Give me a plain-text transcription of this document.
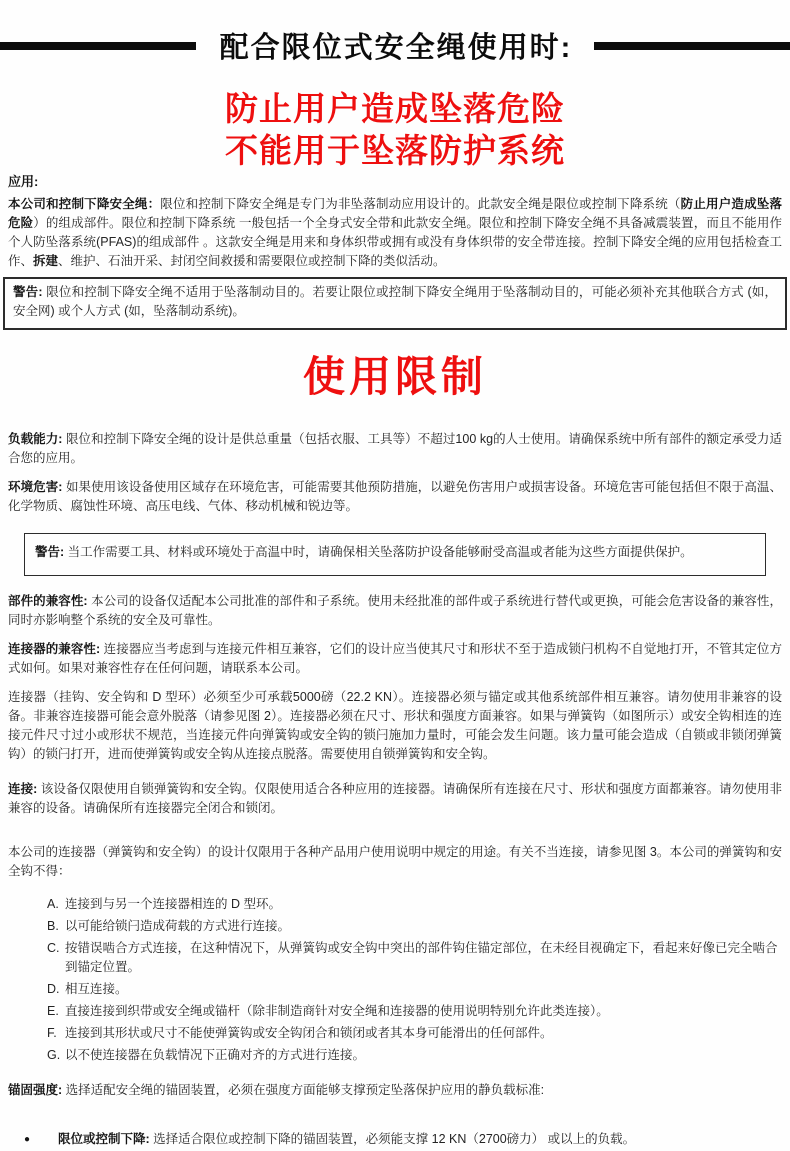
配合限位式安全绳使用时:
防止用户造成坠落危险
不能用于坠落防护系统
应用:

本公司和控制下降安全绳：限位和控制下降安全绳是专门为非坠落制动应用设计的。此款安全绳是限位或控制下降系统（防止用户造成坠落危险）的组成部件。限位和控制下降系统 一般包括一个全身式安全带和此款安全绳。限位和控制下降安全绳不具备减震装置，而且不能用作个人防坠落系统(PFAS)的组成部件 。这款安全绳是用来和身体织带或拥有或没有身体织带的安全带连接。控制下降安全绳的应用包括检查工作、拆建、维护、石油开采、封闭空间救援和需要限位或控制下降的类似活动。

警告: 限位和控制下降安全绳不适用于坠落制动目的。若要让限位或控制下降安全绳用于坠落制动目的，可能必须补充其他联合方式 (如，安全网) 或个人方式 (如，坠落制动系统)。
使用限制

负载能力: 限位和控制下降安全绳的设计是供总重量（包括衣服、工具等）不超过100 kg的人士使用。请确保系统中所有部件的额定承受力适合您的应用。

环境危害: 如果使用该设备使用区域存在环境危害，可能需要其他预防措施，以避免伤害用户或损害设备。环境危害可能包括但不限于高温、化学物质、腐蚀性环境、高压电线、气体、移动机械和锐边等。

警告: 当工作需要工具、材料或环境处于高温中时，请确保相关坠落防护设备能够耐受高温或者能为这些方面提供保护。

部件的兼容性: 本公司的设备仅适配本公司批准的部件和子系统。使用未经批准的部件或子系统进行替代或更换，可能会危害设备的兼容性，同时亦影响整个系统的安全及可靠性。

连接器的兼容性: 连接器应当考虑到与连接元件相互兼容，它们的设计应当使其尺寸和形状不至于造成锁闩机构不自觉地打开，不管其定位方式如何。如果对兼容性存在任何问题，请联系本公司。

连接器（挂钩、安全钩和 D 型环）必须至少可承载5000磅（22.2 KN）。连接器必须与锚定或其他系统部件相互兼容。请勿使用非兼容的设备。非兼容连接器可能会意外脱落（请参见图 2）。连接器必须在尺寸、形状和强度方面兼容。如果与弹簧钩（如图所示）或安全钩相连的连接元件尺寸过小或形状不规范，当连接元件向弹簧钩或安全钩的锁闩施加力量时，可能会发生问题。该力量可能会造成（自锁或非锁闭弹簧钩）的锁闩打开，进而使弹簧钩或安全钩从连接点脱落。需要使用自锁弹簧钩和安全钩。

连接: 该设备仅限使用自锁弹簧钩和安全钩。仅限使用适合各种应用的连接器。请确保所有连接在尺寸、形状和强度方面都兼容。请勿使用非兼容的设备。请确保所有连接器完全闭合和锁闭。

本公司的连接器（弹簧钩和安全钩）的设计仅限用于各种产品用户使用说明中规定的用途。有关不当连接，请参见图 3。本公司的弹簧钩和安全钩不得：

A. 连接到与另一个连接器相连的 D 型环。
B. 以可能给锁闩造成荷载的方式进行连接。
C. 按错误啮合方式连接，在这种情况下，从弹簧钩或安全钩中突出的部件钩住锚定部位，在未经目视确定下，看起来好像已完全啮合到锚定位置。
D. 相互连接。
E. 直接连接到织带或安全绳或锚杆（除非制造商针对安全绳和连接器的使用说明特别允许此类连接）。
F. 连接到其形状或尺寸不能使弹簧钩或安全钩闭合和锁闭或者其本身可能滑出的任何部件。
G. 以不使连接器在负载情况下正确对齐的方式进行连接。

锚固强度: 选择适配安全绳的锚固装置，必须在强度方面能够支撑预定坠落保护应用的静负载标准:

●	限位或控制下降: 选择适合限位或控制下降的锚固装置，必须能支撑 12 KN（2700磅力） 或以上的负载。
